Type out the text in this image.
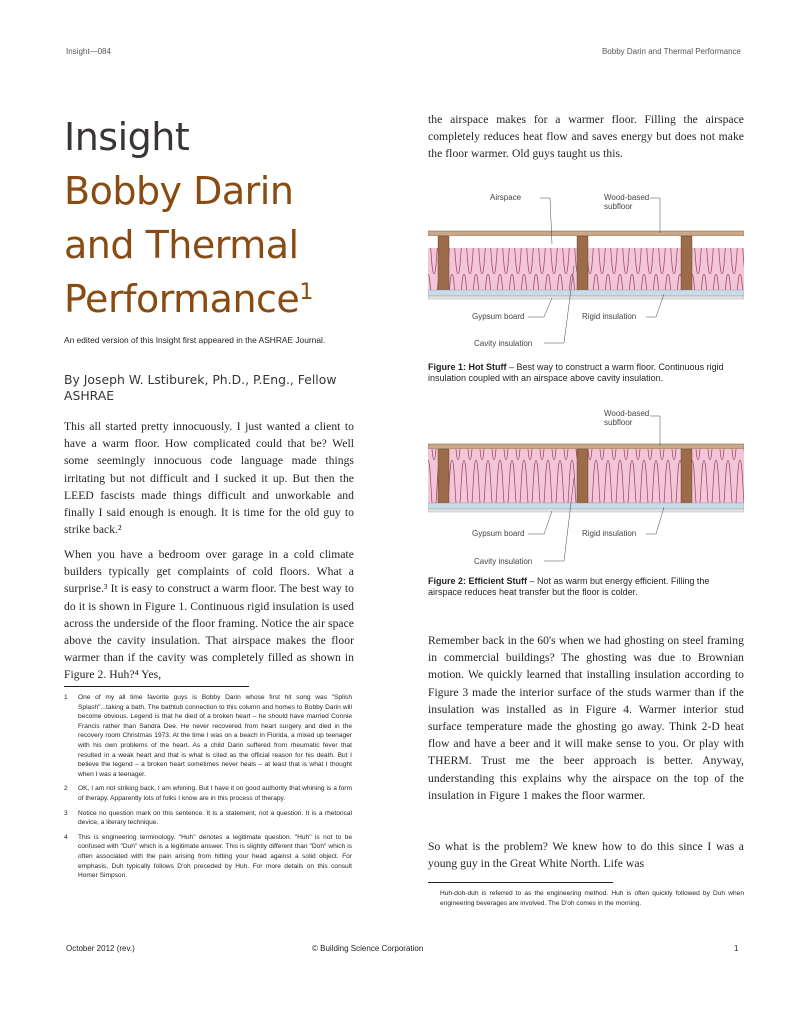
Insight—084	Bobby Darin and Thermal Performance
Insight
Bobby Darin
and Thermal
Performance$^1$
An edited version of this Insight first appeared in the ASHRAE Journal.
By Joseph W. Lstiburek, Ph.D., P.Eng., Fellow ASHRAE
This all started pretty innocuously. I just wanted a client to have a warm floor. How complicated could that be? Well some seemingly innocuous code language made things irritating but not difficult and I sucked it up. But then the LEED fascists made things difficult and unworkable and finally I said enough is enough. It is time for the old guy to strike back.²
When you have a bedroom over garage in a cold climate builders typically get complaints of cold floors. What a surprise.³ It is easy to construct a warm floor. The best way to do it is shown in Figure 1. Continuous rigid insulation is used across the underside of the floor framing. Notice the air space above the cavity insulation. That airspace makes the floor warmer than if the cavity was completely filled as shown in Figure 2. Huh?⁴ Yes,
1 One of my all time favorite guys is Bobby Darin whose first hit song was "Splish Splash"...taking a bath. The bathtub connection to this column and homes to Bobby Darin will become obvious. Legend is that he died of a broken heart – he should have married Connie Francis rather than Sandra Dee. He never recovered from heart surgery and died in the recovery room Christmas 1973. At the time I was on a beach in Florida, a mixed up teenager with his own problems of the heart. As a child Darin suffered from rheumatic fever that resulted in a weak heart and that is what is cited as the official reason for his death. But I believe the legend – a broken heart sometimes never heals – at least that is what I thought when I was a teenager.
2 OK, I am not striking back, I am whining. But I have it on good authority that whining is a form of therapy. Apparently lots of folks I know are in this process of therapy.
3 Notice no question mark on this sentence. It is a statement, not a question. It is a rhetorical device, a literary technique.
4 This is engineering terminology. "Huh" denotes a legitimate question. "Huh" is not to be confused with "Duh" which is a legitimate answer. This is slightly different than "Doh" which is often associated with the pain arising from hitting your head against a solid object. For emphasis, Duh typically follows D'oh preceded by Huh. For more details on this consult Homer Simpson.
the airspace makes for a warmer floor. Filling the airspace completely reduces heat flow and saves energy but does not make the floor warmer. Old guys taught us this.
Airspace	Wood-based subfloor
Gypsum board	Rigid insulation
Cavity insulation
Figure 1: Hot Stuff – Best way to construct a warm floor. Continuous rigid insulation coupled with an airspace above cavity insulation.
Wood-based subfloor
Gypsum board	Rigid insulation
Cavity insulation
Figure 2: Efficient Stuff – Not as warm but energy efficient. Filling the airspace reduces heat transfer but the floor is colder.
Remember back in the 60's when we had ghosting on steel framing in commercial buildings? The ghosting was due to Brownian motion. We quickly learned that installing insulation according to Figure 3 made the interior surface of the studs warmer than if the insulation was installed as in Figure 4. Warmer interior stud surface temperature made the ghosting go away. Think 2-D heat flow and have a beer and it will make sense to you. Or play with THERM. Trust me the beer approach is better. Anyway, understanding this explains why the airspace on the top of the insulation in Figure 1 makes the floor warmer.
So what is the problem? We knew how to do this since I was a young guy in the Great White North. Life was
Huh-doh-duh is referred to as the engineering method. Huh is often quickly followed by Duh when engineering beverages are involved. The D'oh comes in the morning.
October 2012 (rev.)	© Building Science Corporation	1
